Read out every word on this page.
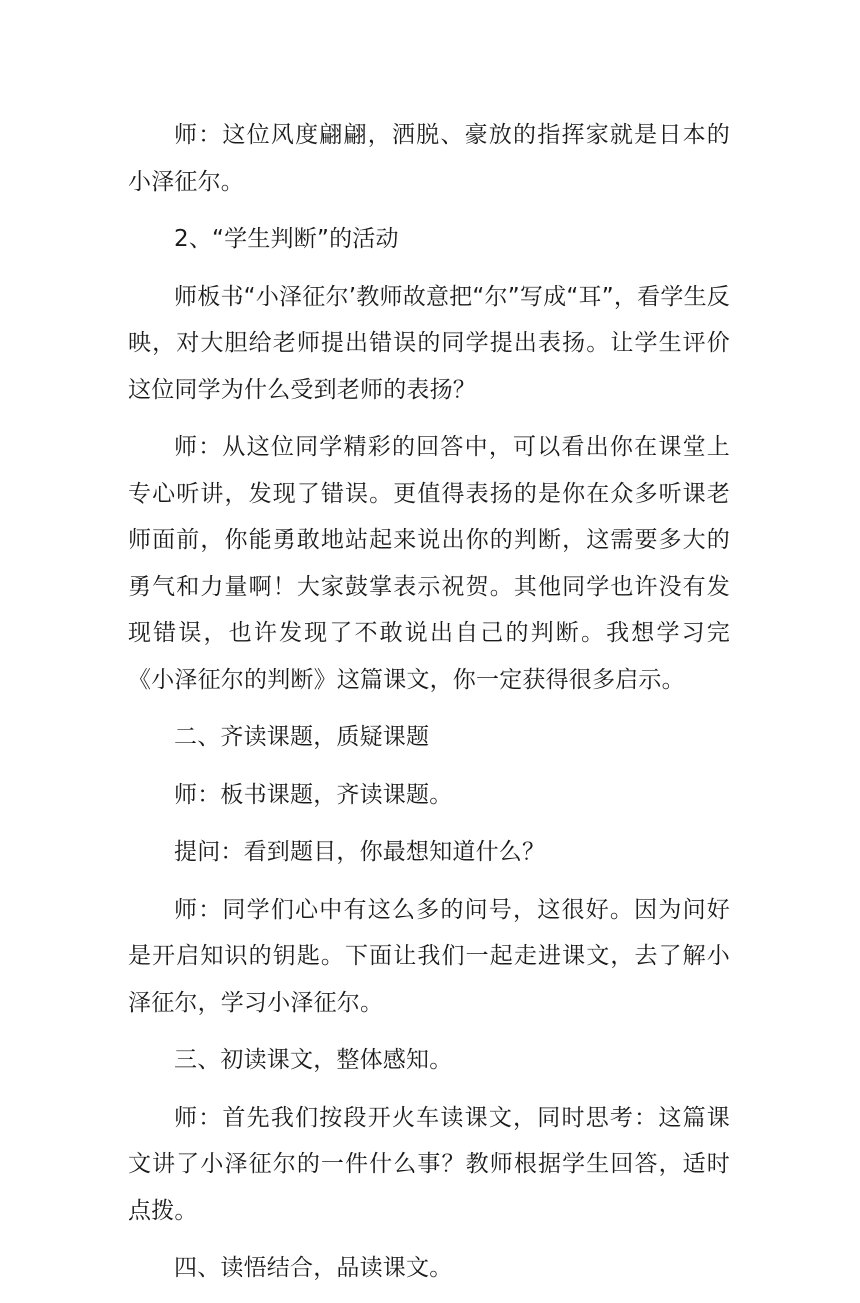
师：这位风度翩翩，洒脱、豪放的指挥家就是日本的小泽征尔。

2、“学生判断”的活动

师板书“小泽征尔’教师故意把“尔”写成“耳”，看学生反映，对大胆给老师提出错误的同学提出表扬。让学生评价这位同学为什么受到老师的表扬？

师：从这位同学精彩的回答中，可以看出你在课堂上专心听讲，发现了错误。更值得表扬的是你在众多听课老师面前，你能勇敢地站起来说出你的判断，这需要多大的勇气和力量啊！大家鼓掌表示祝贺。其他同学也许没有发现错误，也许发现了不敢说出自己的判断。我想学习完《小泽征尔的判断》这篇课文，你一定获得很多启示。

二、齐读课题，质疑课题

师：板书课题，齐读课题。

提问：看到题目，你最想知道什么？

师：同学们心中有这么多的问号，这很好。因为问好是开启知识的钥匙。下面让我们一起走进课文，去了解小泽征尔，学习小泽征尔。

三、初读课文，整体感知。

师：首先我们按段开火车读课文，同时思考：这篇课文讲了小泽征尔的一件什么事？教师根据学生回答，适时点拨。

四、读悟结合，品读课文。
